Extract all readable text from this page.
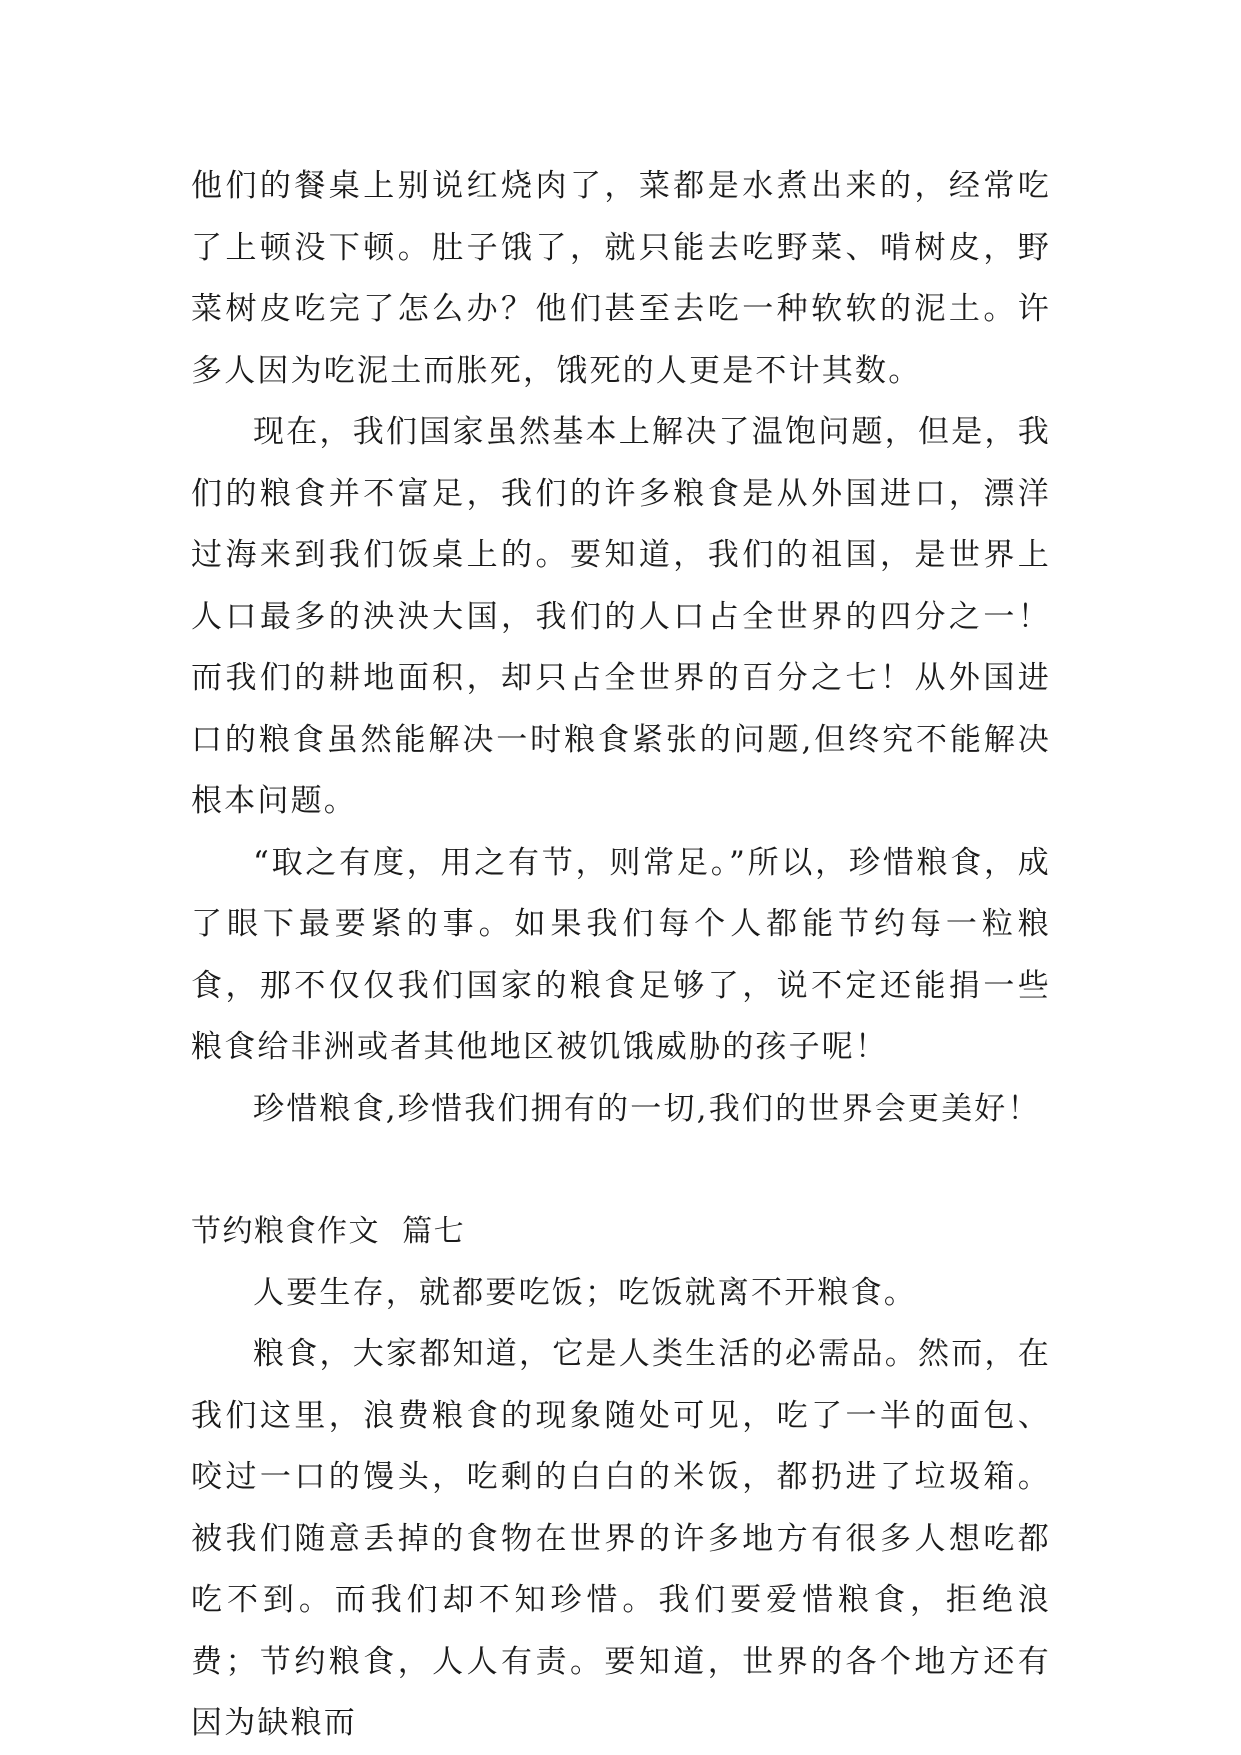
他们的餐桌上别说红烧肉了，菜都是水煮出来的，经常吃了上顿没下顿。肚子饿了，就只能去吃野菜、啃树皮，野菜树皮吃完了怎么办？他们甚至去吃一种软软的泥土。许多人因为吃泥土而胀死，饿死的人更是不计其数。

现在，我们国家虽然基本上解决了温饱问题，但是，我们的粮食并不富足，我们的许多粮食是从外国进口，漂洋过海来到我们饭桌上的。要知道，我们的祖国，是世界上人口最多的泱泱大国，我们的人口占全世界的四分之一！而我们的耕地面积，却只占全世界的百分之七！从外国进口的粮食虽然能解决一时粮食紧张的问题,但终究不能解决根本问题。

“取之有度，用之有节，则常足。”所以，珍惜粮食，成了眼下最要紧的事。如果我们每个人都能节约每一粒粮食，那不仅仅我们国家的粮食足够了，说不定还能捐一些粮食给非洲或者其他地区被饥饿威胁的孩子呢！

珍惜粮食,珍惜我们拥有的一切,我们的世界会更美好！

节约粮食作文  篇七

人要生存，就都要吃饭；吃饭就离不开粮食。

粮食，大家都知道，它是人类生活的必需品。然而，在我们这里，浪费粮食的现象随处可见，吃了一半的面包、咬过一口的馒头，吃剩的白白的米饭，都扔进了垃圾箱。被我们随意丢掉的食物在世界的许多地方有很多人想吃都吃不到。而我们却不知珍惜。我们要爱惜粮食，拒绝浪费；节约粮食，人人有责。要知道，世界的各个地方还有因为缺粮而
